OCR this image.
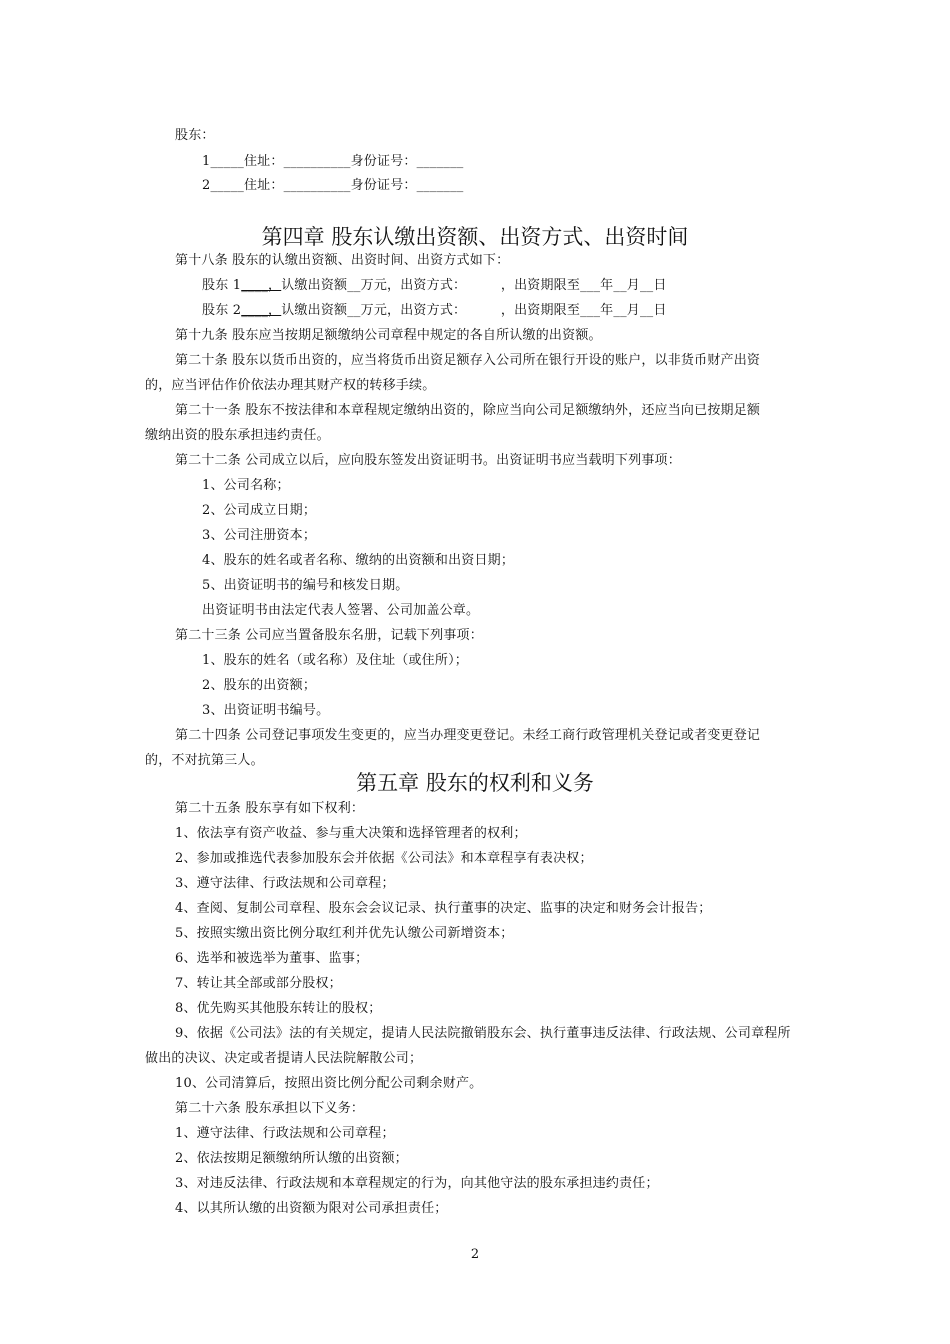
股东：
1_____住址：__________身份证号：_______
2_____住址：__________身份证号：_______
第四章 股东认缴出资额、出资方式、出资时间
第十八条 股东的认缴出资额、出资时间、出资方式如下：
股东 1____，认缴出资额__万元，出资方式：        ，出资期限至___年__月__日
股东 2____，认缴出资额__万元，出资方式：        ，出资期限至___年__月__日
第十九条 股东应当按期足额缴纳公司章程中规定的各自所认缴的出资额。
第二十条 股东以货币出资的，应当将货币出资足额存入公司所在银行开设的账户，以非货币财产出资
的，应当评估作价依法办理其财产权的转移手续。
第二十一条 股东不按法律和本章程规定缴纳出资的，除应当向公司足额缴纳外，还应当向已按期足额
缴纳出资的股东承担违约责任。
第二十二条 公司成立以后，应向股东签发出资证明书。出资证明书应当载明下列事项：
1、公司名称；
2、公司成立日期；
3、公司注册资本；
4、股东的姓名或者名称、缴纳的出资额和出资日期；
5、出资证明书的编号和核发日期。
出资证明书由法定代表人签署、公司加盖公章。
第二十三条 公司应当置备股东名册，记载下列事项：
1、股东的姓名（或名称）及住址（或住所）；
2、股东的出资额；
3、出资证明书编号。
第二十四条 公司登记事项发生变更的，应当办理变更登记。未经工商行政管理机关登记或者变更登记
的，不对抗第三人。
第五章 股东的权利和义务
第二十五条 股东享有如下权利：
1、依法享有资产收益、参与重大决策和选择管理者的权利；
2、参加或推选代表参加股东会并依据《公司法》和本章程享有表决权；
3、遵守法律、行政法规和公司章程；
4、查阅、复制公司章程、股东会会议记录、执行董事的决定、监事的决定和财务会计报告；
5、按照实缴出资比例分取红利并优先认缴公司新增资本；
6、选举和被选举为董事、监事；
7、转让其全部或部分股权；
8、优先购买其他股东转让的股权；
9、依据《公司法》法的有关规定，提请人民法院撤销股东会、执行董事违反法律、行政法规、公司章程所
做出的决议、决定或者提请人民法院解散公司；
10、公司清算后，按照出资比例分配公司剩余财产。
第二十六条 股东承担以下义务：
1、遵守法律、行政法规和公司章程；
2、依法按期足额缴纳所认缴的出资额；
3、对违反法律、行政法规和本章程规定的行为，向其他守法的股东承担违约责任；
4、以其所认缴的出资额为限对公司承担责任；
2
